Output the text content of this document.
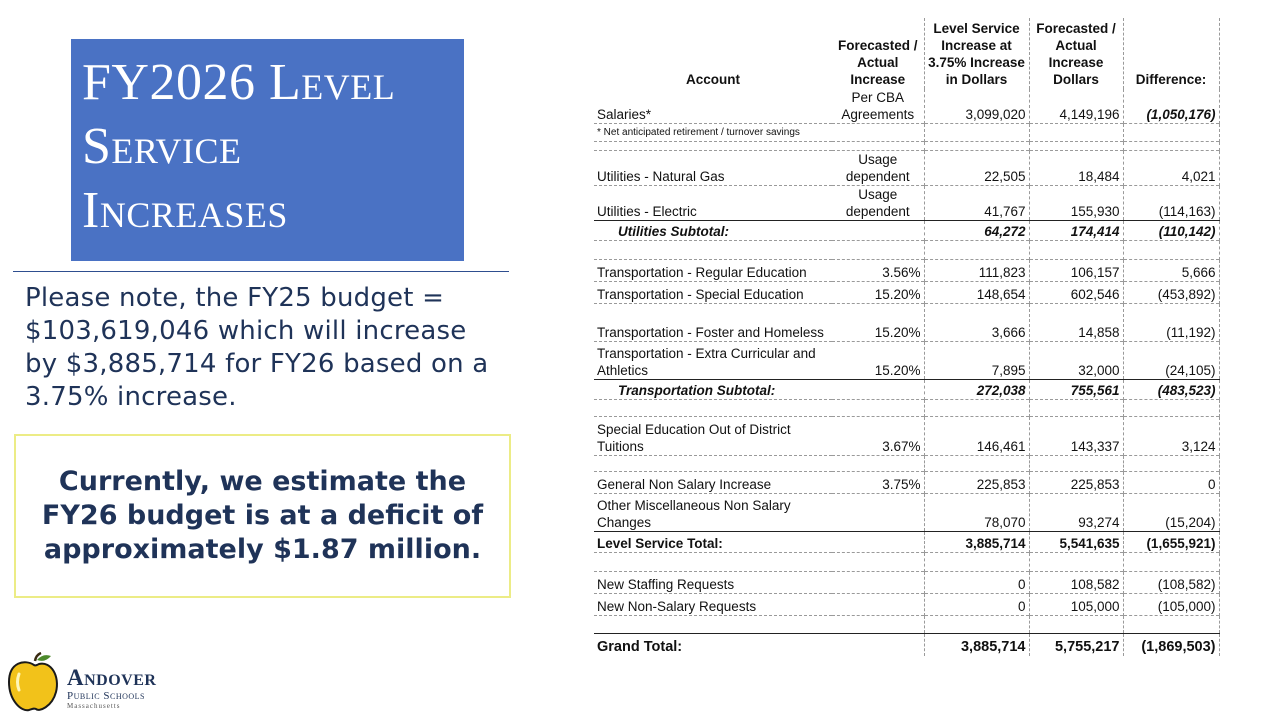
FY2026 Level
Service
Increases
Please note, the FY25 budget = $103,619,046 which will increase by $3,885,714 for FY26 based on a 3.75% increase.
Currently, we estimate the FY26 budget is at a deficit of approximately $1.87 million.
Andover
Public Schools
Massachusetts
Account	Forecasted / Actual Increase	Level Service Increase at 3.75% Increase in Dollars	Forecasted / Actual Increase Dollars	Difference:
Salaries*	Per CBA Agreements	3,099,020	4,149,196	(1,050,176)
* Net anticipated retirement / turnover savings				

Utilities - Natural Gas	Usage dependent	22,505	18,484	4,021
Utilities - Electric	Usage dependent	41,767	155,930	(114,163)
Utilities Subtotal:		64,272	174,414	(110,142)

Transportation - Regular Education	3.56%	111,823	106,157	5,666
Transportation - Special Education	15.20%	148,654	602,546	(453,892)
Transportation - Foster and Homeless	15.20%	3,666	14,858	(11,192)
Transportation - Extra Curricular and Athletics	15.20%	7,895	32,000	(24,105)
Transportation Subtotal:		272,038	755,561	(483,523)

Special Education Out of District Tuitions	3.67%	146,461	143,337	3,124

General Non Salary Increase	3.75%	225,853	225,853	0
Other Miscellaneous Non Salary Changes		78,070	93,274	(15,204)
Level Service Total:		3,885,714	5,541,635	(1,655,921)

New Staffing Requests		0	108,582	(108,582)
New Non-Salary Requests		0	105,000	(105,000)

Grand Total:		3,885,714	5,755,217	(1,869,503)
